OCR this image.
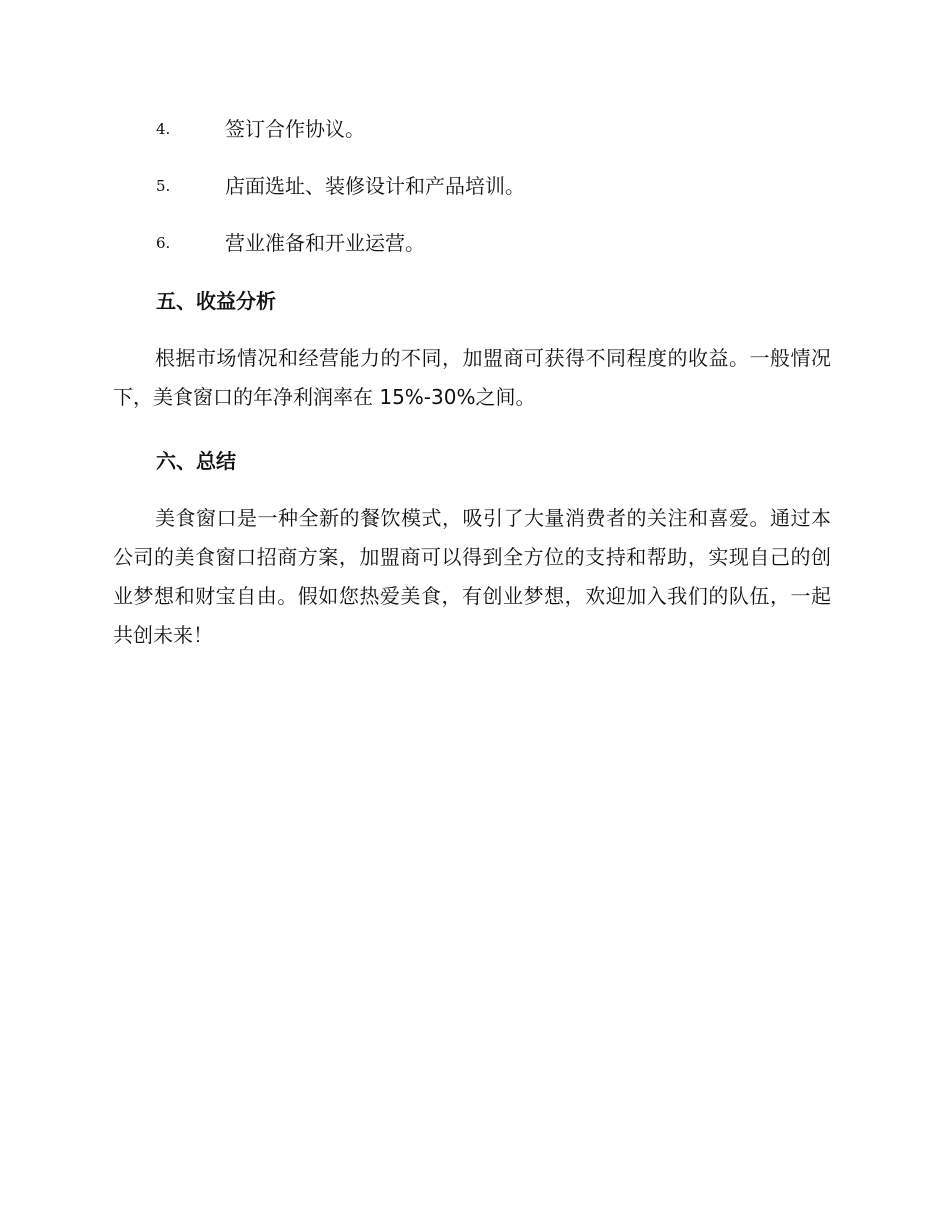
4.	签订合作协议。
5.	店面选址、装修设计和产品培训。
6.	营业准备和开业运营。
五、收益分析

根据市场情况和经营能力的不同，加盟商可获得不同程度的收益。一般情况下，美食窗口的年净利润率在 15%-30%之间。

六、总结

美食窗口是一种全新的餐饮模式，吸引了大量消费者的关注和喜爱。通过本公司的美食窗口招商方案，加盟商可以得到全方位的支持和帮助，实现自己的创业梦想和财宝自由。假如您热爱美食，有创业梦想，欢迎加入我们的队伍，一起共创未来！
